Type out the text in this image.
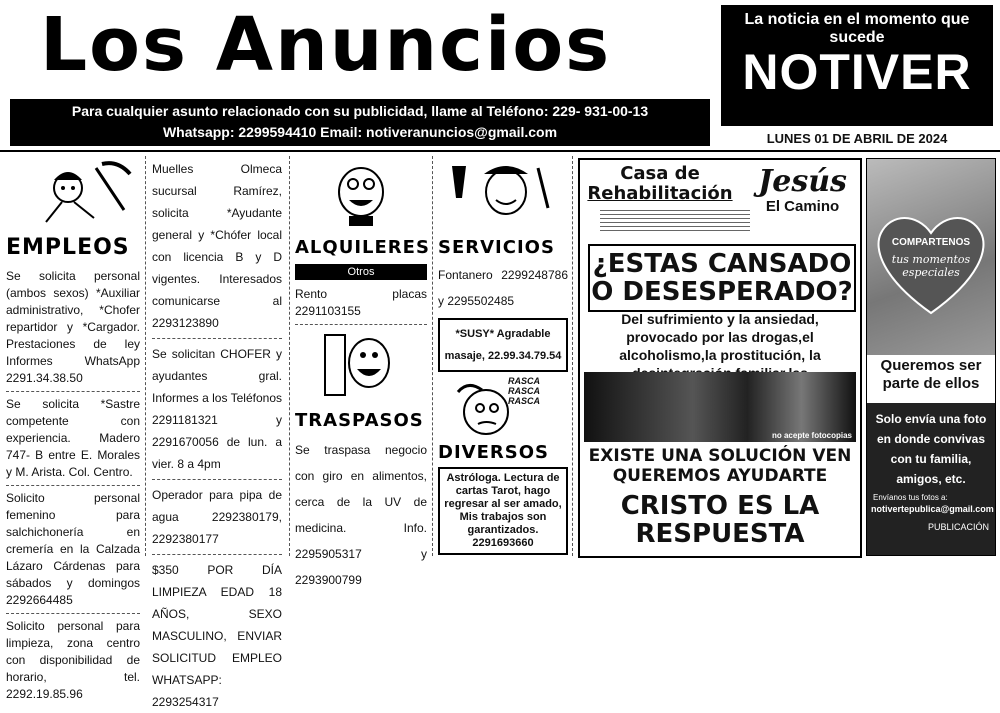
Los Anuncios
Para cualquier asunto relacionado con su publicidad, llame al Teléfono: 229- 931-00-13
Whatsapp: 2299594410 Email: notiveranuncios@gmail.com
La noticia en el momento que sucede
NOTIVER
LUNES 01 DE ABRIL DE 2024
EMPLEOS
Se solicita personal (ambos sexos) *Auxiliar administrativo, *Chofer repartidor y *Cargador. Prestaciones de ley Informes WhatsApp 2291.34.38.50
Se solicita *Sastre competente con experiencia. Madero 747- B entre E. Morales y M. Arista. Col. Centro.
Solicito personal femenino para salchichonería en cremería en la Calzada Lázaro Cárdenas para sábados y domingos 2292664485
Solicito personal para limpieza, zona centro con disponibilidad de horario, tel. 2292.19.85.96
Muelles Olmeca sucursal Ramírez, solicita *Ayudante general y *Chófer local con licencia B y D vigentes. Interesados comunicarse al 2293123890
Se solicitan CHOFER y ayudantes gral. Informes a los Teléfonos 2291181321 y 2291670056 de lun. a vier. 8 a 4pm
Operador para pipa de agua 2292380179, 2292380177
$350 POR DÍA LIMPIEZA EDAD 18 AÑOS, SEXO MASCULINO, ENVIAR SOLICITUD EMPLEO WHATSAPP: 2293254317
ALQUILERES
Otros
Rento placas 2291103155
TRASPASOS
Se traspasa negocio con giro en alimentos, cerca de la UV de medicina. Info. 2295905317 y 2293900799
SERVICIOS
Fontanero 2299248786 y 2295502485
*SUSY* Agradable masaje, 22.99.34.79.54
RASCA RASCA RASCA
DIVERSOS
Astróloga. Lectura de cartas Tarot, hago regresar al ser amado, Mis trabajos son garantizados. 2291693660
Casa de
Rehabilitación Jesús
El Camino
¿ESTAS CANSADO O DESESPERADO?
Del sufrimiento y la ansiedad, provocado por las drogas,el alcoholismo,la prostitución, la
no acepte fotocopias
EXISTE UNA SOLUCIÓN VEN QUEREMOS AYUDARTE
CRISTO ES LA RESPUESTA
COMPARTENOS
tus momentos especiales
Queremos ser parte de ellos
Solo envía una foto en donde convivas con tu familia, amigos, etc.
Envíanos tus fotos a:
notivertepublica@gmail.com
PUBLICACIÓN
